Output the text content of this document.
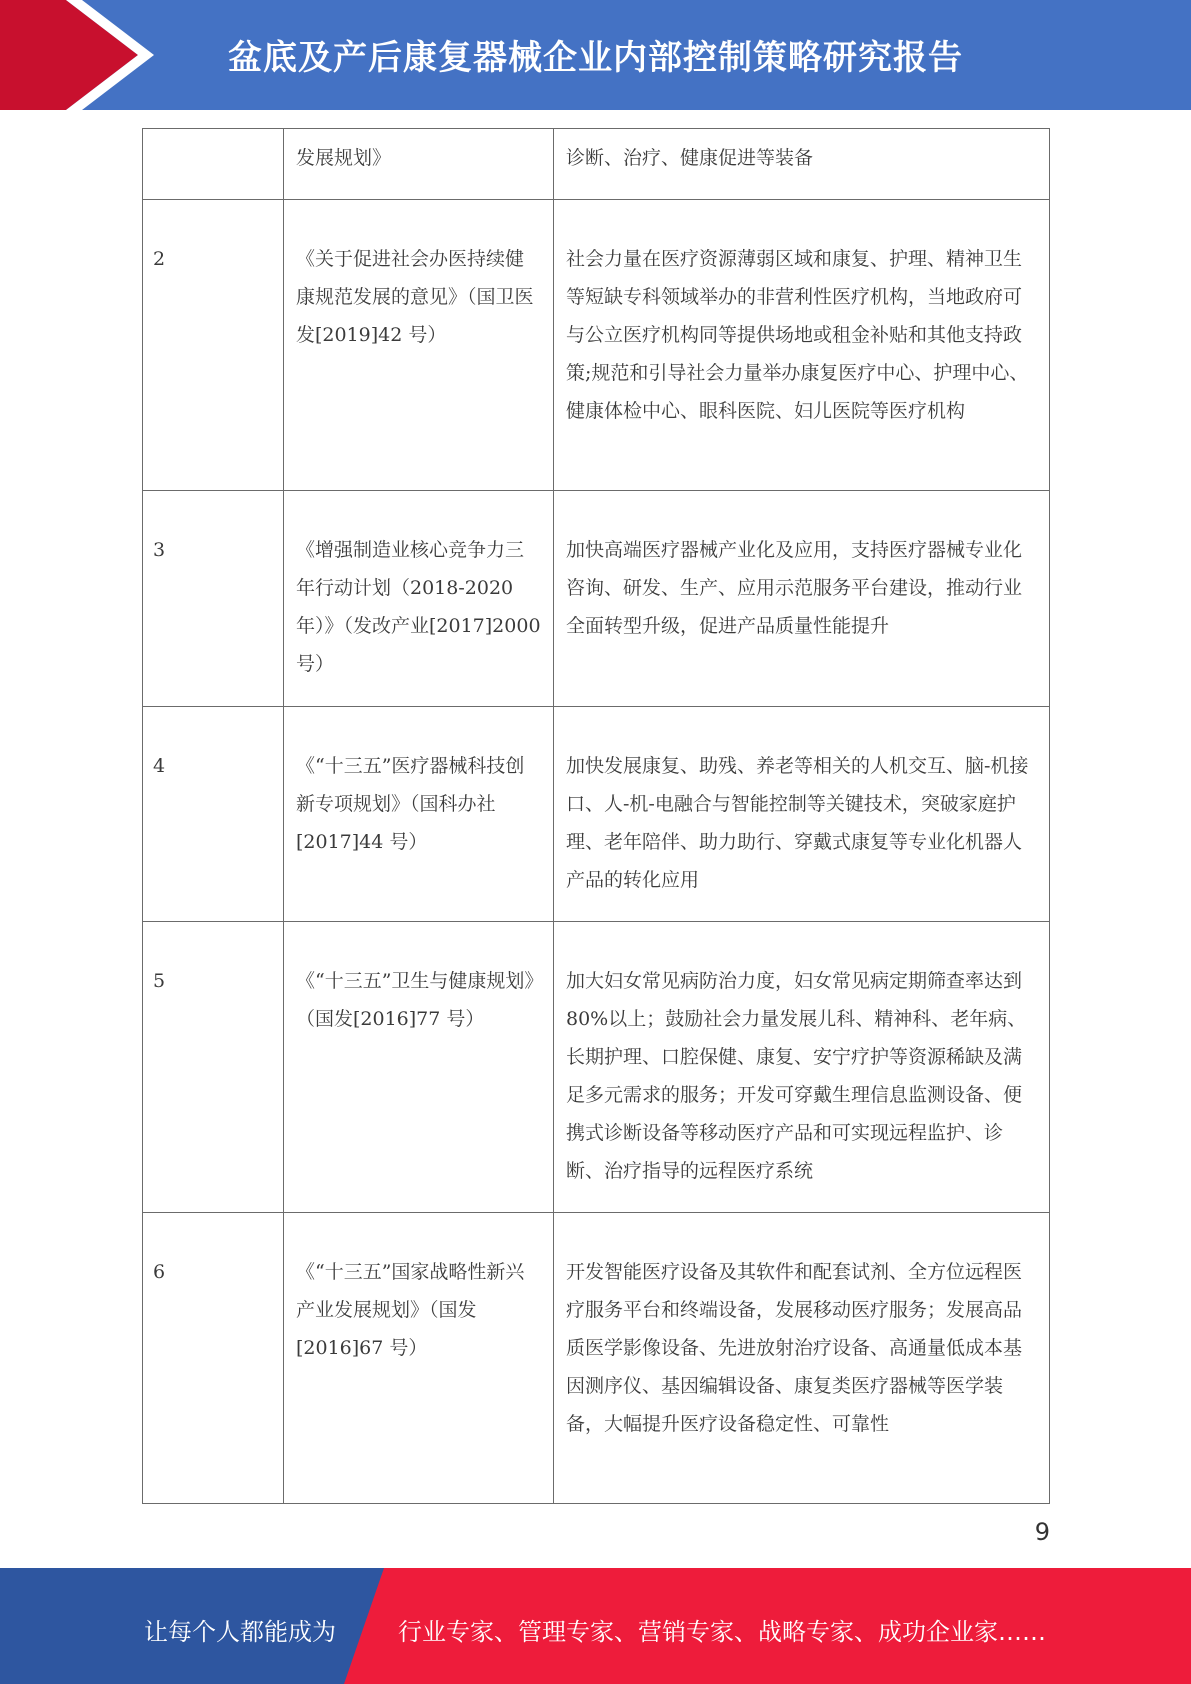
盆底及产后康复器械企业内部控制策略研究报告
	发展规划》	诊断、治疗、健康促进等装备
2	《关于促进社会办医持续健康规范发展的意见》（国卫医发[2019]42 号）	社会力量在医疗资源薄弱区域和康复、护理、精神卫生等短缺专科领域举办的非营利性医疗机构，当地政府可与公立医疗机构同等提供场地或租金补贴和其他支持政策;规范和引导社会力量举办康复医疗中心、护理中心、健康体检中心、眼科医院、妇儿医院等医疗机构
3	《增强制造业核心竞争力三年行动计划（2018-2020 年）》（发改产业[2017]2000 号）	加快高端医疗器械产业化及应用，支持医疗器械专业化咨询、研发、生产、应用示范服务平台建设，推动行业全面转型升级，促进产品质量性能提升
4	《“十三五”医疗器械科技创新专项规划》（国科办社[2017]44 号）	加快发展康复、助残、养老等相关的人机交互、脑-机接口、人-机-电融合与智能控制等关键技术，突破家庭护理、老年陪伴、助力助行、穿戴式康复等专业化机器人产品的转化应用
5	《“十三五”卫生与健康规划》（国发[2016]77 号）	加大妇女常见病防治力度，妇女常见病定期筛查率达到 80%以上；鼓励社会力量发展儿科、精神科、老年病、长期护理、口腔保健、康复、安宁疗护等资源稀缺及满足多元需求的服务；开发可穿戴生理信息监测设备、便携式诊断设备等移动医疗产品和可实现远程监护、诊断、治疗指导的远程医疗系统
6	《“十三五”国家战略性新兴产业发展规划》（国发[2016]67 号）	开发智能医疗设备及其软件和配套试剂、全方位远程医疗服务平台和终端设备，发展移动医疗服务；发展高品质医学影像设备、先进放射治疗设备、高通量低成本基因测序仪、基因编辑设备、康复类医疗器械等医学装备，大幅提升医疗设备稳定性、可靠性
9
让每个人都能成为	行业专家、管理专家、营销专家、战略专家、成功企业家……
